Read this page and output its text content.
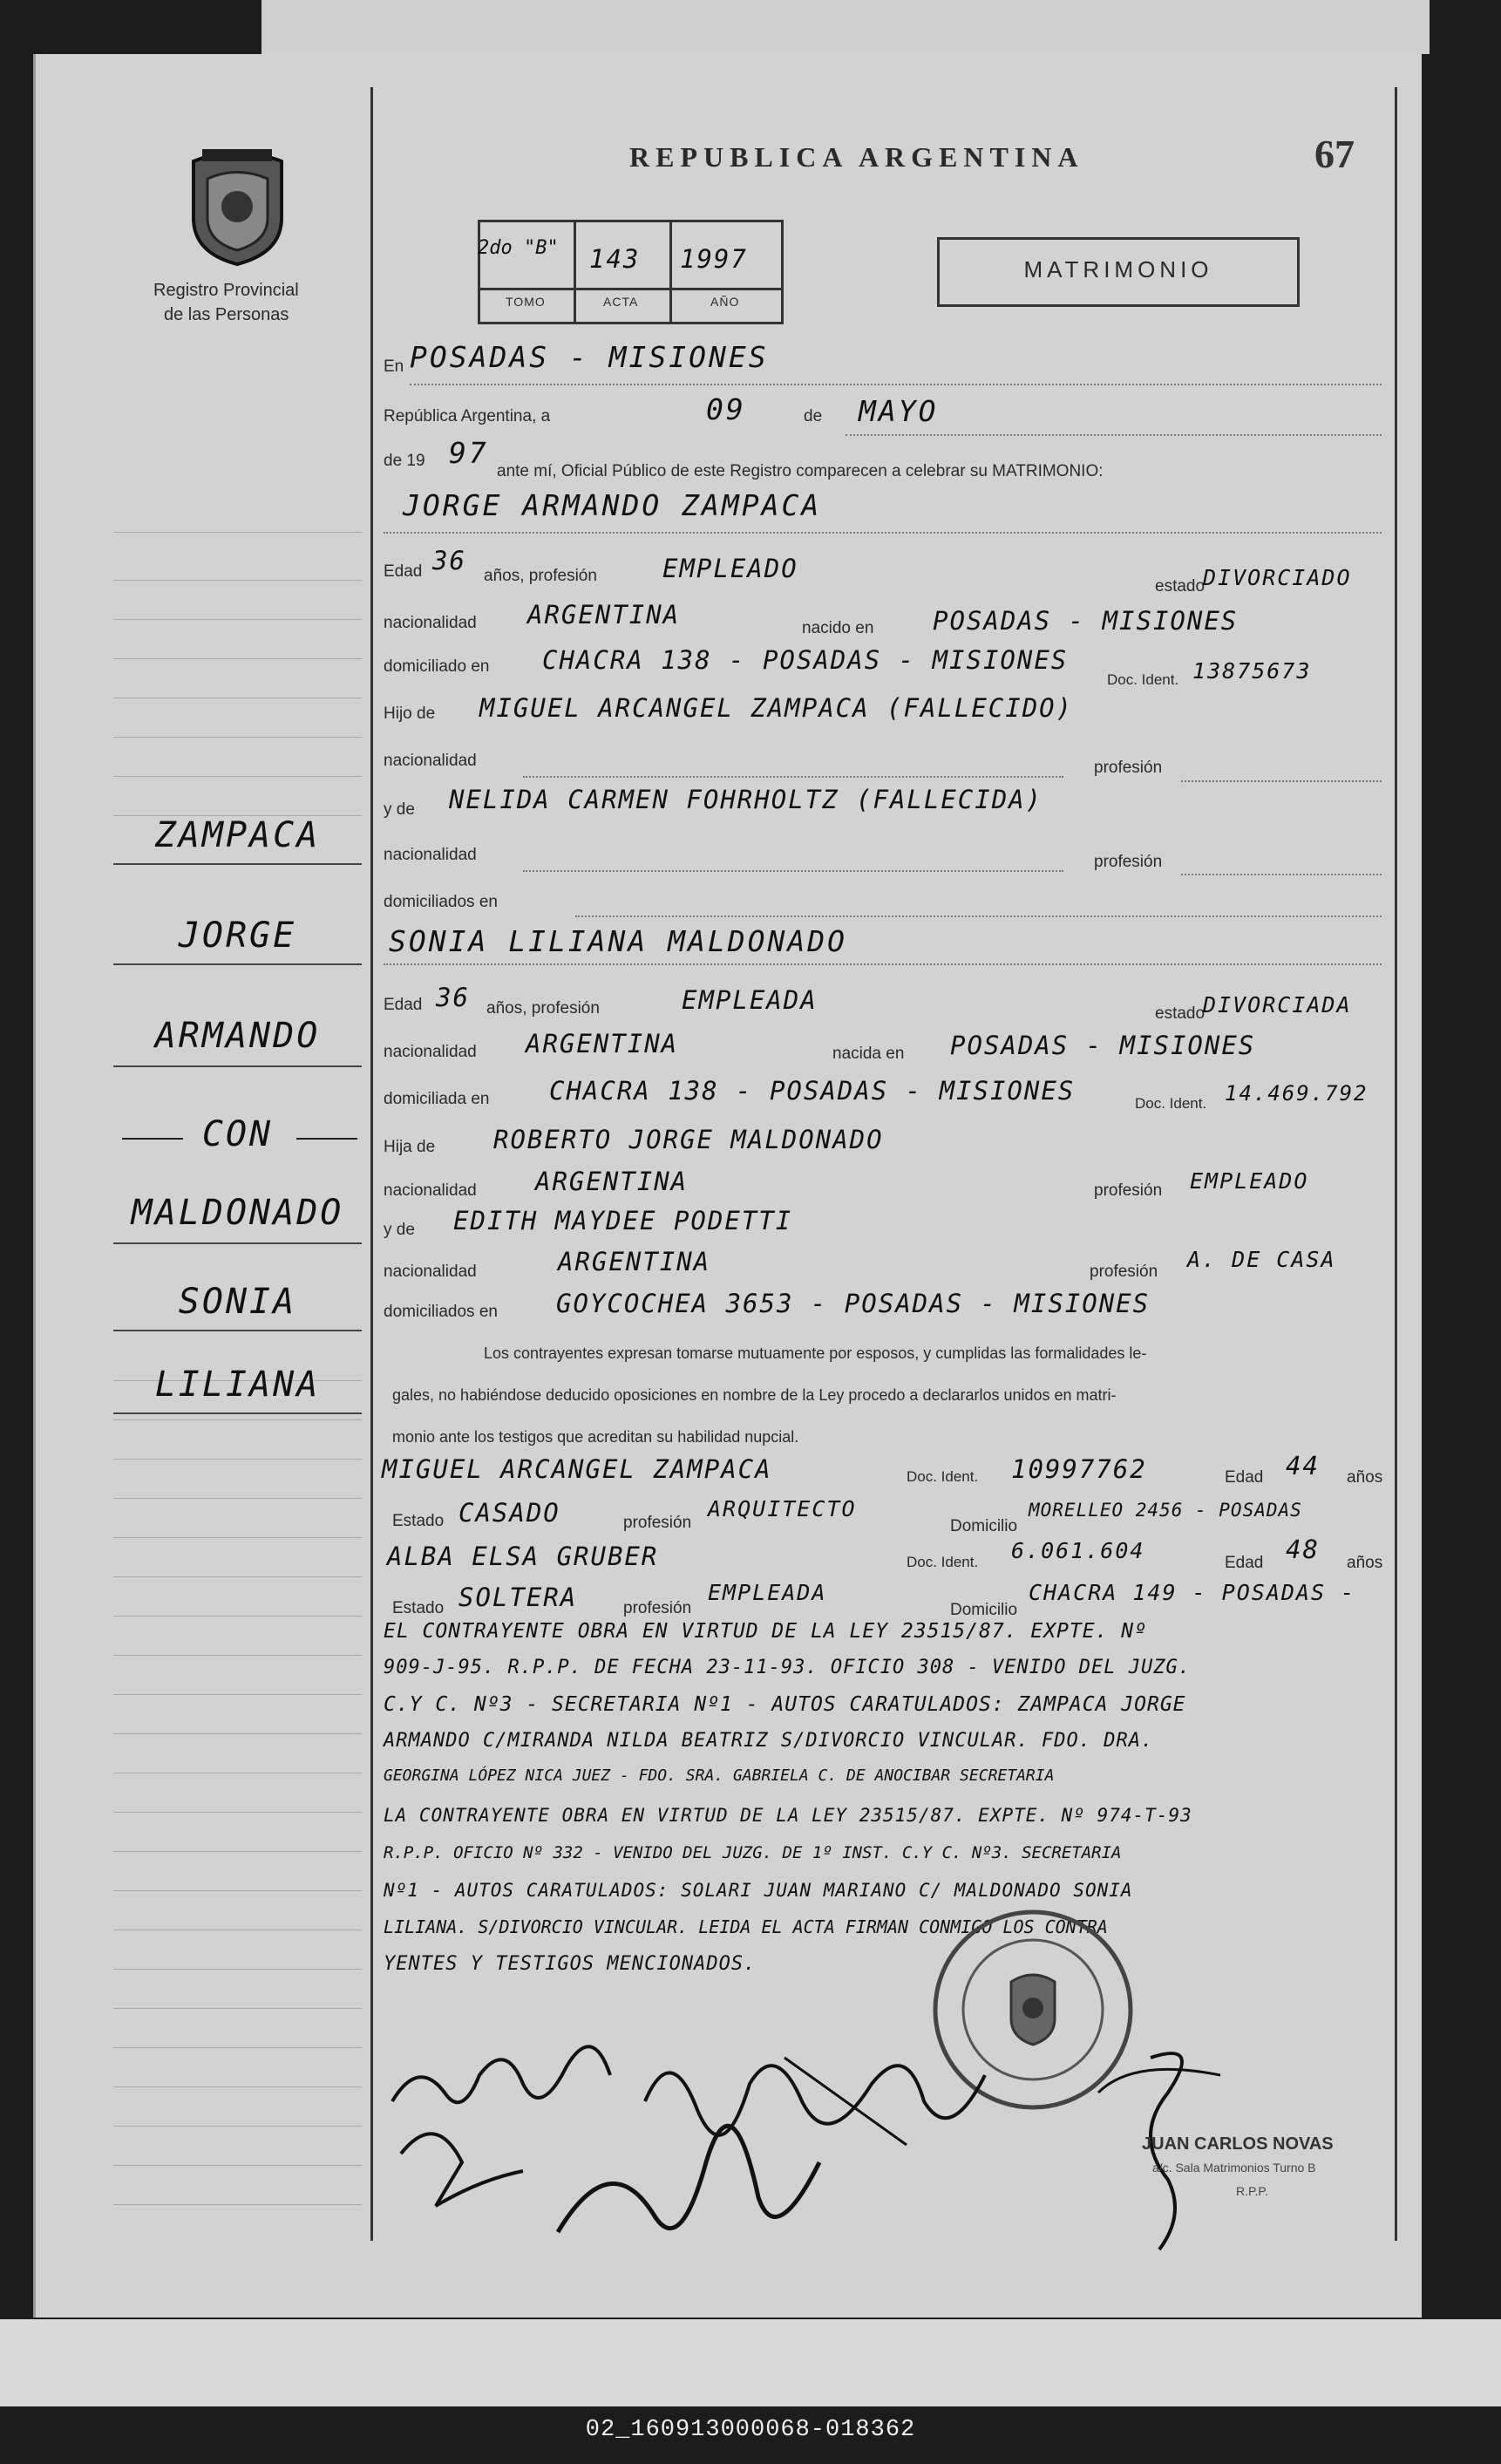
Registro Provincial
de las Personas
REPUBLICA ARGENTINA	67
2do "B" 143 1997
TOMO	ACTA	AÑO
MATRIMONIO
ZAMPACA
JORGE
ARMANDO
CON
MALDONADO
SONIA
LILIANA
En POSADAS - MISIONES
República Argentina, a	09	de MAYO
de 19 97
ante mí, Oficial Público de este Registro comparecen a celebrar su MATRIMONIO:
JORGE ARMANDO ZAMPACA
Edad 36
años, profesión	EMPLEADO
estado
DIVORCIADO
nacionalidad ARGENTINA	nacido en POSADAS - MISIONES
domiciliado en CHACRA 138 - POSADAS - MISIONES
Doc. Ident. 13875673
Hijo de MIGUEL ARCANGEL ZAMPACA (FALLECIDO)
nacionalidad	profesión
y de NELIDA CARMEN FOHRHOLTZ (FALLECIDA)
nacionalidad	profesión
domiciliados en
SONIA LILIANA MALDONADO
Edad 36 años, profesión	EMPLEADA	estado
DIVORCIADA
nacionalidad ARGENTINA	nacida en POSADAS - MISIONES
domiciliada en CHACRA 138 - POSADAS - MISIONES	Doc. Ident. 14.469.792
Hija de ROBERTO JORGE MALDONADO
nacionalidad ARGENTINA	profesión EMPLEADO
y de EDITH MAYDEE PODETTI
nacionalidad	ARGENTINA	profesión A. DE CASA
domiciliados en GOYCOCHEA 3653 - POSADAS - MISIONES
Los contrayentes expresan tomarse mutuamente por esposos, y cumplidas las formalidades le-
gales, no habiéndose deducido oposiciones en nombre de la Ley procedo a declararlos unidos en matri-
monio ante los testigos que acreditan su habilidad nupcial.
MIGUEL ARCANGEL ZAMPACA	Doc. Ident. 10997762	Edad 44 años
Estado CASADO	profesión
ARQUITECTO
Domicilio
MORELLEO 2456 - POSADAS
ALBA ELSA GRUBER	Doc. Ident. 6.061.604	Edad 48 años
Estado SOLTERA	profesión
EMPLEADA
Domicilio
CHACRA 149 - POSADAS -
EL CONTRAYENTE OBRA EN VIRTUD DE LA LEY 23515/87. EXPTE. Nº
909-J-95. R.P.P. DE FECHA 23-11-93. OFICIO 308 - VENIDO DEL JUZG.
C.Y C. Nº3 - SECRETARIA Nº1 - AUTOS CARATULADOS: ZAMPACA JORGE
ARMANDO C/MIRANDA NILDA BEATRIZ S/DIVORCIO VINCULAR. FDO. DRA.
GEORGINA LÓPEZ NICA JUEZ - FDO. SRA. GABRIELA C. DE ANOCIBAR SECRETARIA
LA CONTRAYENTE OBRA EN VIRTUD DE LA LEY 23515/87. EXPTE. Nº 974-T-93
R.P.P. OFICIO Nº 332 - VENIDO DEL JUZG. DE 1º INST. C.Y C. Nº3. SECRETARIA
Nº1 - AUTOS CARATULADOS: SOLARI JUAN MARIANO C/ MALDONADO SONIA
LILIANA. S/DIVORCIO VINCULAR. LEIDA EL ACTA FIRMAN CONMIGO LOS CONTRA
YENTES Y TESTIGOS MENCIONADOS.
JUAN CARLOS NOVAS
a/c. Sala Matrimonios Turno B
R.P.P.
02_160913000068-018362
